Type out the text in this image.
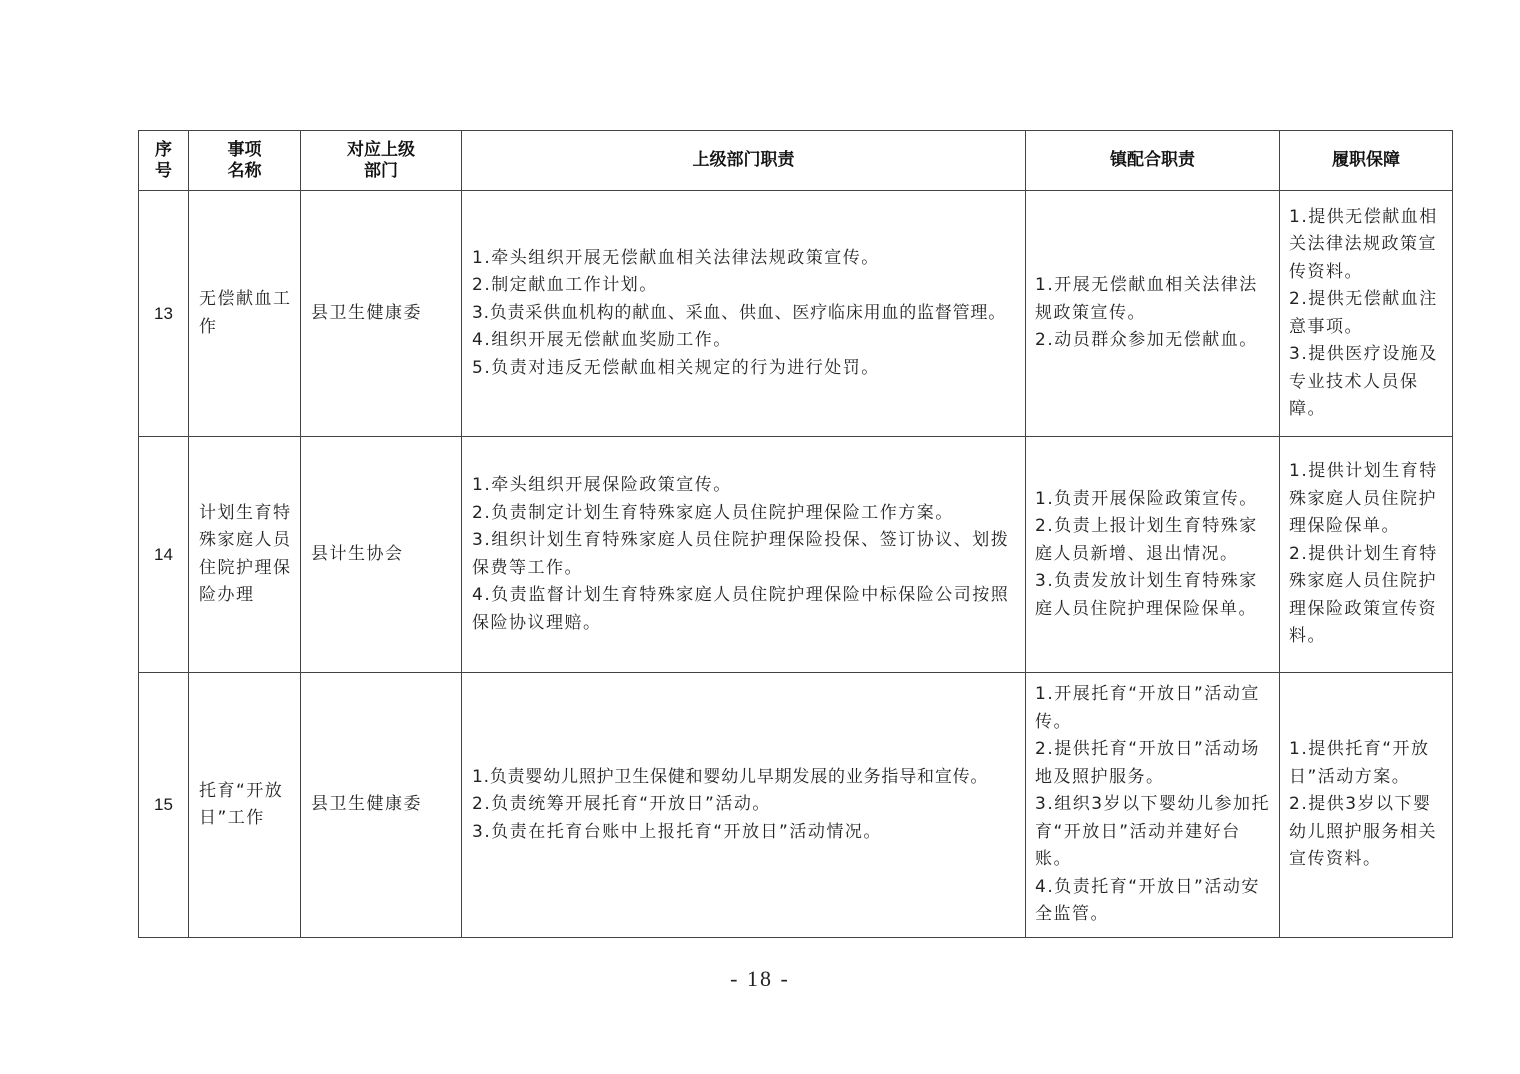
序
号	事项
名称	对应上级
部门	上级部门职责	镇配合职责	履职保障
13	无偿献血工作	县卫生健康委	1.牵头组织开展无偿献血相关法律法规政策宣传。
2.制定献血工作计划。
3.负责采供血机构的献血、采血、供血、医疗临床用血的监督管理。
4.组织开展无偿献血奖励工作。
5.负责对违反无偿献血相关规定的行为进行处罚。	1.开展无偿献血相关法律法规政策宣传。
2.动员群众参加无偿献血。	1.提供无偿献血相关法律法规政策宣传资料。
2.提供无偿献血注意事项。
3.提供医疗设施及专业技术人员保障。

14	计划生育特殊家庭人员住院护理保险办理	县计生协会	1.牵头组织开展保险政策宣传。
2.负责制定计划生育特殊家庭人员住院护理保险工作方案。
3.组织计划生育特殊家庭人员住院护理保险投保、签订协议、划拨保费等工作。
4.负责监督计划生育特殊家庭人员住院护理保险中标保险公司按照保险协议理赔。	1.负责开展保险政策宣传。
2.负责上报计划生育特殊家庭人员新增、退出情况。
3.负责发放计划生育特殊家庭人员住院护理保险保单。	1.提供计划生育特殊家庭人员住院护理保险保单。
2.提供计划生育特殊家庭人员住院护理保险政策宣传资料。

15	托育“开放日”工作	县卫生健康委	1.负责婴幼儿照护卫生保健和婴幼儿早期发展的业务指导和宣传。
2.负责统筹开展托育“开放日”活动。
3.负责在托育台账中上报托育“开放日”活动情况。	1.开展托育“开放日”活动宣传。
2.提供托育“开放日”活动场地及照护服务。
3.组织3岁以下婴幼儿参加托育“开放日”活动并建好台账。
4.负责托育“开放日”活动安全监管。	1.提供托育“开放日”活动方案。
2.提供3岁以下婴幼儿照护服务相关宣传资料。
- 18 -
